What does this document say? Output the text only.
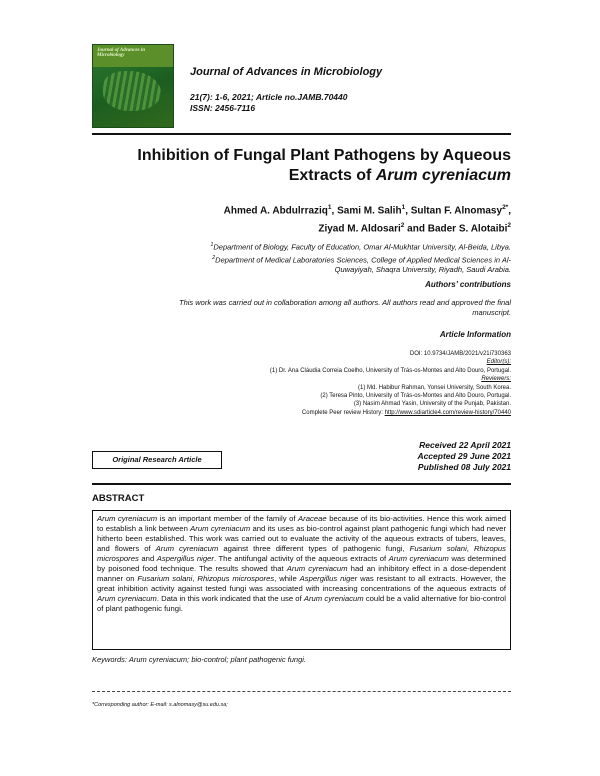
Journal of Advances in Microbiology
Journal of Advances in Microbiology
21(7): 1-6, 2021; Article no.JAMB.70440
ISSN: 2456-7116
Inhibition of Fungal Plant Pathogens by Aqueous
Extracts of Arum cyreniacum
Ahmed A. Abdulrraziq$^1$, Sami M. Salih$^1$, Sultan F. Alnomasy$^{2*}$,
Ziyad M. Aldosari$^2$ and Bader S. Alotaibi$^2$
$^1$Department of Biology, Faculty of Education, Omar Al-Mukhtar University, Al-Beida, Libya.
$^2$Department of Medical Laboratories Sciences, College of Applied Medical Sciences in Al-
Quwayiyah, Shaqra University, Riyadh, Saudi Arabia.
Authors’ contributions
This work was carried out in collaboration among all authors. All authors read and approved the final
manuscript.
Article Information
DOI: 10.9734/JAMB/2021/v21i730363
Editor(s):
(1) Dr. Ana Cláudia Correia Coelho, University of Trás-os-Montes and Alto Douro, Portugal.
Reviewers:
(1) Md. Habibur Rahman, Yonsei University, South Korea.
(2) Teresa Pinto, University of Trás-os-Montes and Alto Douro, Portugal.
(3) Nasim Ahmad Yasin, University of the Punjab, Pakistan.
Complete Peer review History: http://www.sdiarticle4.com/review-history/70440
Received 22 April 2021
Accepted 29 June 2021
Published 08 July 2021
Original Research Article
ABSTRACT
Arum cyreniacum is an important member of the family of Araceae because of its bio-activities. Hence this work aimed to establish a link between Arum cyreniacum and its uses as bio-control against plant pathogenic fungi which had never hitherto been established. This work was carried out to evaluate the activity of the aqueous extracts of tubers, leaves, and flowers of Arum cyreniacum against three different types of pathogenic fungi, Fusarium solani, Rhizopus microspores and Aspergillus niger. The antifungal activity of the aqueous extracts of Arum cyreniacum was determined by poisoned food technique. The results showed that Arum cyreniacum had an inhibitory effect in a dose-dependent manner on Fusarium solani, Rhizopus microspores, while Aspergillus niger was resistant to all extracts. However, the great inhibition activity against tested fungi was associated with increasing concentrations of the aqueous extracts of Arum cyreniacum. Data in this work indicated that the use of Arum cyreniacum could be a valid alternative for bio-control of plant pathogenic fungi.
Keywords: Arum cyreniacum; bio-control; plant pathogenic fungi.
*Corresponding author: E-mail: s.alnomasy@su.edu.sa;
